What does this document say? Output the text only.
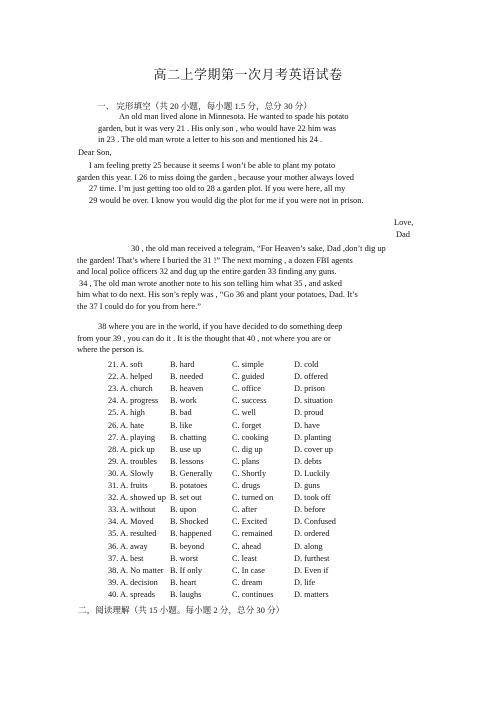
高二上学期第一次月考英语试卷
一、 完形填空（共 20 小题，每小题 1.5 分，总分 30 分）
An old man lived alone in Minnesota. He wanted to spade his potato
garden, but it was very 21 . His only son , who would have 22 him was
in 23 . The old man wrote a letter to his son and mentioned his 24 .
Dear Son,
I am feeling pretty 25 because it seems I won’t be able to plant my potato
garden this year. I 26 to miss doing the garden , because your mother always loved
27 time. I’m just getting too old to 28 a garden plot. If you were here, all my
29 would be over. I know you would dig the plot for me if you were not in prison.
Love,
Dad
30 , the old man received a telegram, “For Heaven’s sake, Dad ,don’t dig up
the garden! That’s where I buried the 31 !” The next morning , a dozen FBI agents
and local police officers 32 and dug up the entire garden 33 finding any guns.
34 , The old man wrote another note to his son telling him what 35 , and asked
him what to do next. His son’s reply was , “Go 36 and plant your potatoes, Dad. It’s
the 37 I could do for you from here.”
38 where you are in the world, if you have decided to do something deep
from your 39 , you can do it . It is the thought that 40 , not where you are or
where the person is.
21. A. soft	B. hard	C. simple	D. cold
22. A. helped B. needed	C. guided	D. offered
23. A. church B. heaven	C. office	D. prison
24. A. progress B. work	C. success	D. situation
25. A. high	B. bad	C. well	D. proud
26. A. hate	B. like	C. forget	D. have
27. A. playing B. chatting	C. cooking	D. planting
28. A. pick up B. use up	C. dig up	D. cover up
29. A. troubles B. lessons	C. plans	D. debts
30. A. Slowly B. Generally C. Shortly	D. Luckily
31. A. fruits	B. potatoes	C. drugs	D. guns
32. A. showed up B. set out	C. turned on	D. took off
33. A. without B. upon	C. after	D. before
34. A. Moved B. Shocked	C. Excited	D. Confused
35. A. resulted B. happened C. remained	D. ordered
36. A. away	B. beyond	C. ahead	D. along
37. A. best	B. worst	C. least	D. furthest
38. A. No matter B. If only	C. In case	D. Even if
39. A. decision B. heart	C. dream	D. life
40. A. spreads B. laughs	C. continues D. matters
二，阅读理解（共 15 小题。每小题 2 分，总分 30 分）
